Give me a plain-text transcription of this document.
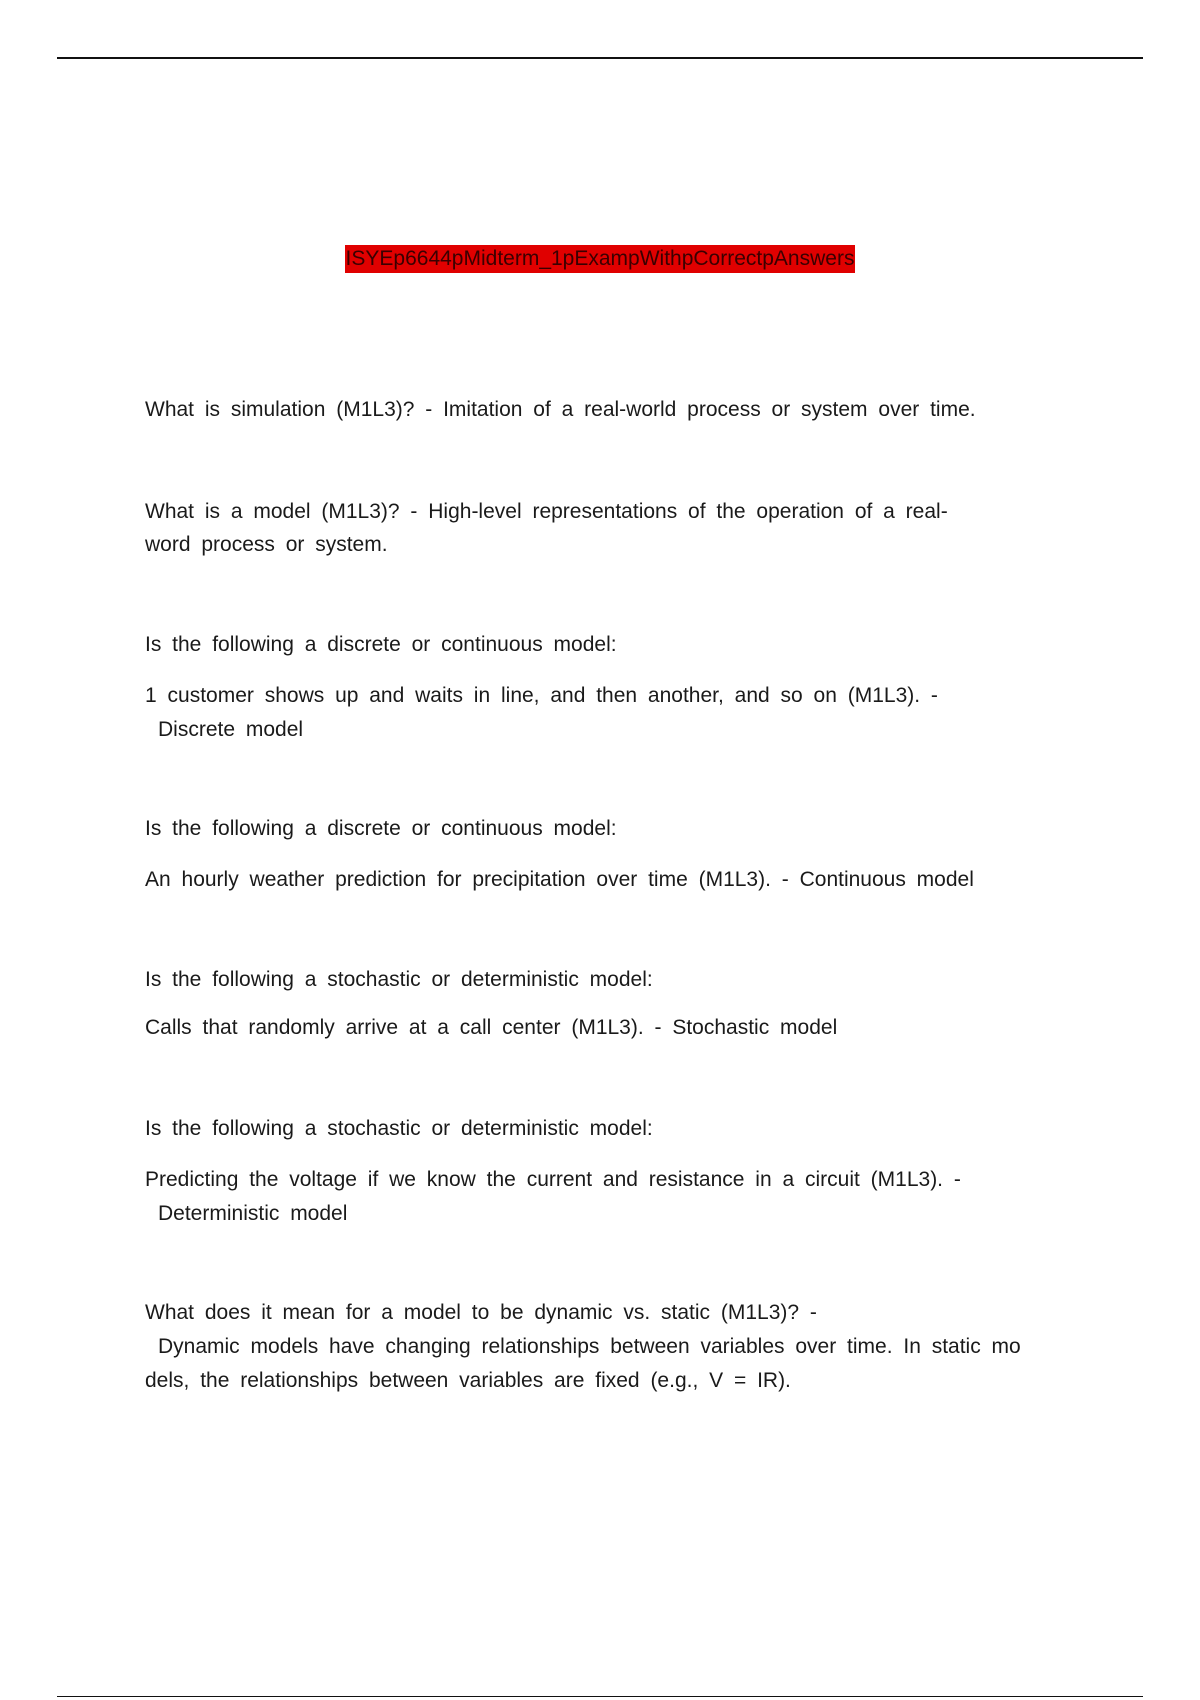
ISYEp6644pMidterm_1pExampWithpCorrectpAnswers

What is simulation (M1L3)? - Imitation of a real-world process or system over time.

What is a model (M1L3)? - High-level representations of the operation of a real-

word process or system.

Is the following a discrete or continuous model:

1 customer shows up and waits in line, and then another, and so on (M1L3). -

Discrete model

Is the following a discrete or continuous model:

An hourly weather prediction for precipitation over time (M1L3). - Continuous model

Is the following a stochastic or deterministic model:

Calls that randomly arrive at a call center (M1L3). - Stochastic model

Is the following a stochastic or deterministic model:

Predicting the voltage if we know the current and resistance in a circuit (M1L3). -

Deterministic model

What does it mean for a model to be dynamic vs. static (M1L3)? -

Dynamic models have changing relationships between variables over time. In static mo

dels, the relationships between variables are fixed (e.g., V = IR).
